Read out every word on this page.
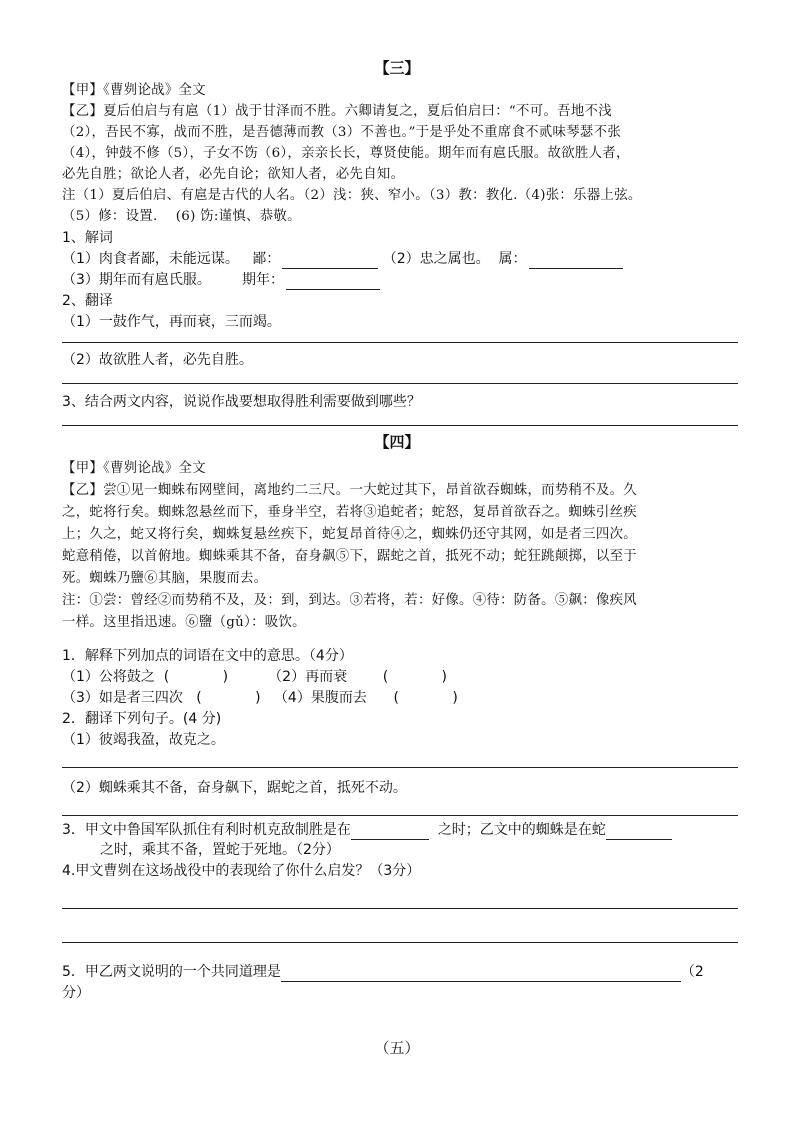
【三】
【甲】《曹刿论战》全文
【乙】夏后伯启与有扈（1）战于甘泽而不胜。六卿请复之，夏后伯启曰：“不可。吾地不浅
（2），吾民不寡，战而不胜，是吾德薄而教（3）不善也。”于是乎处不重席食不贰味琴瑟不张
（4），钟鼓不修（5），子女不饬（6），亲亲长长，尊贤使能。期年而有扈氏服。故欲胜人者，
必先自胜；欲论人者，必先自论；欲知人者，必先自知。
注（1）夏后伯启、有扈是古代的人名。（2）浅：狭、窄小。（3）教：教化.（4)张：乐器上弦。
（5）修：设置.    (6) 饬:谨慎、恭敬。
1、解词
（1）肉食者鄙，未能远谋。   鄙：	（2）忠之属也。  属：
（3）期年而有扈氏服。       期年：
2、翻译
（1）一鼓作气，再而衰，三而竭。
（2）故欲胜人者，必先自胜。
3、结合两文内容，说说作战要想取得胜利需要做到哪些？
【四】
【甲】《曹刿论战》全文
【乙】尝①见一蜘蛛布网壁间，离地约二三尺。一大蛇过其下，昂首欲吞蜘蛛，而势稍不及。久
之，蛇将行矣。蜘蛛忽悬丝而下，垂身半空，若将③追蛇者；蛇怒，复昂首欲吞之。蜘蛛引丝疾
上；久之，蛇又将行矣，蜘蛛复悬丝疾下，蛇复昂首待④之，蜘蛛仍还守其网，如是者三四次。
蛇意稍倦，以首俯地。蜘蛛乘其不备，奋身飙⑤下，踞蛇之首，抵死不动；蛇狂跳颠掷，以至于
死。蜘蛛乃鹽⑥其脑，果腹而去。
注：①尝：曾经②而势稍不及，及：到，到达。③若将，若：好像。④待：防备。⑤飙：像疾风
一样。这里指迅速。⑥鹽（gǔ）：吸饮。
1．解释下列加点的词语在文中的意思。（4分）
（1）公将鼓之  (            )         （2）再而衰        (            )
（3）如是者三四次   (            )   （4）果腹而去      (            )
2．翻译下列句子。(4 分)
（1）彼竭我盈，故克之。
（2）蜘蛛乘其不备，奋身飙下，踞蛇之首，抵死不动。
3．甲文中鲁国军队抓住有利时机克敌制胜是在	之时；乙文中的蜘蛛是在蛇
之时，乘其不备，置蛇于死地。（2分）
4.甲文曹刿在这场战役中的表现给了你什么启发？（3分）
5．甲乙两文说明的一个共同道理是	（2
分）
（五）
